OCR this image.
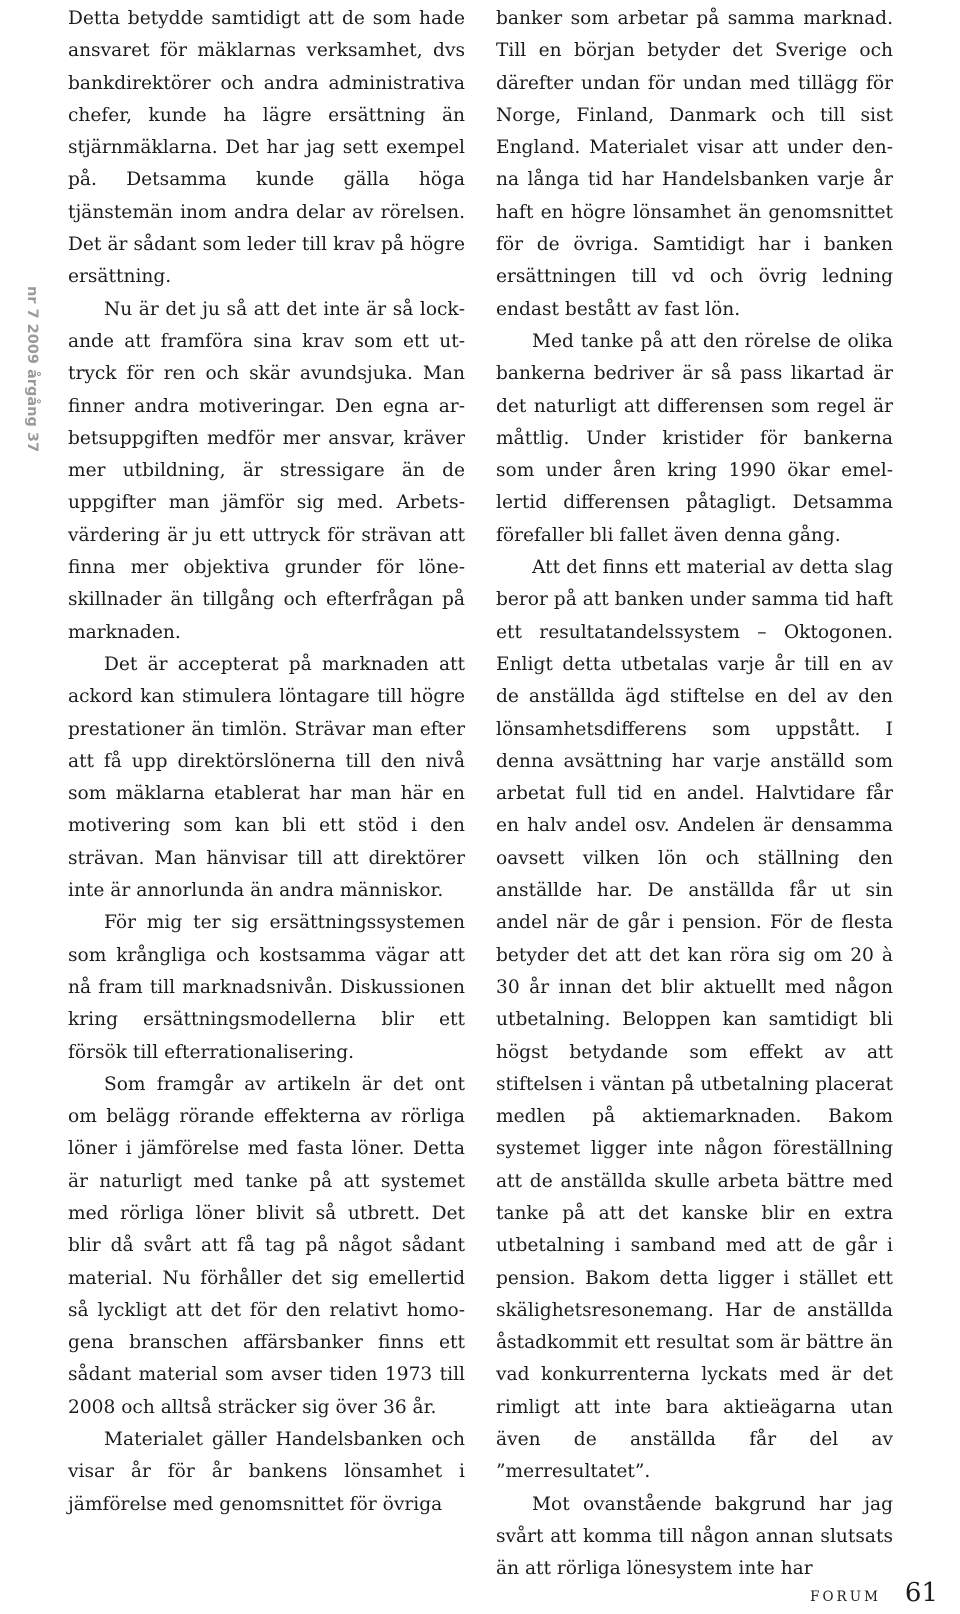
nr 7 2009 årgång 37

Detta betydde samtidigt att de som hade ansvaret för mäklarnas verksamhet, dvs bankdirektörer och andra administrativa chefer, kunde ha lägre ersättning än stjärnmäklarna. Det har jag sett exempel på. Detsamma kunde gälla höga tjänstemän inom andra delar av rörelsen. Det är sådant som leder till krav på högre ersättning.

Nu är det ju så att det inte är så lockande att framföra sina krav som ett uttryck för ren och skär avundsjuka. Man finner andra motiveringar. Den egna arbetsuppgiften medför mer ansvar, kräver mer utbildning, är stressigare än de uppgifter man jämför sig med. Arbetsvärdering är ju ett uttryck för strävan att finna mer objektiva grunder för löneskillnader än tillgång och efterfrågan på marknaden.

Det är accepterat på marknaden att ackord kan stimulera löntagare till högre prestationer än timlön. Strävar man efter att få upp direktörslönerna till den nivå som mäklarna etablerat har man här en motivering som kan bli ett stöd i den strävan. Man hänvisar till att direktörer inte är annorlunda än andra människor.

För mig ter sig ersättningssystemen som krångliga och kostsamma vägar att nå fram till marknadsnivån. Diskussionen kring ersättningsmodellerna blir ett försök till efterrationalisering.

Som framgår av artikeln är det ont om belägg rörande effekterna av rörliga löner i jämförelse med fasta löner. Detta är naturligt med tanke på att systemet med rörliga löner blivit så utbrett. Det blir då svårt att få tag på något sådant material. Nu förhåller det sig emellertid så lyckligt att det för den relativt homogena branschen affärsbanker finns ett sådant material som avser tiden 1973 till 2008 och alltså sträcker sig över 36 år.

Materialet gäller Handelsbanken och visar år för år bankens lönsamhet i jämförelse med genomsnittet för övriga

banker som arbetar på samma marknad. Till en början betyder det Sverige och därefter undan för undan med tillägg för Norge, Finland, Danmark och till sist England. Materialet visar att under denna långa tid har Handelsbanken varje år haft en högre lönsamhet än genomsnittet för de övriga. Samtidigt har i banken ersättningen till vd och övrig ledning endast bestått av fast lön.

Med tanke på att den rörelse de olika bankerna bedriver är så pass likartad är det naturligt att differensen som regel är måttlig. Under kristider för bankerna som under åren kring 1990 ökar emellertid differensen påtagligt. Detsamma förefaller bli fallet även denna gång.

Att det finns ett material av detta slag beror på att banken under samma tid haft ett resultatandelssystem – Oktogonen. Enligt detta utbetalas varje år till en av de anställda ägd stiftelse en del av den lönsamhetsdifferens som uppstått. I denna avsättning har varje anställd som arbetat full tid en andel. Halvtidare får en halv andel osv. Andelen är densamma oavsett vilken lön och ställning den anställde har. De anställda får ut sin andel när de går i pension. För de flesta betyder det att det kan röra sig om 20 à 30 år innan det blir aktuellt med någon utbetalning. Beloppen kan samtidigt bli högst betydande som effekt av att stiftelsen i väntan på utbetalning placerat medlen på aktiemarknaden. Bakom systemet ligger inte någon föreställning att de anställda skulle arbeta bättre med tanke på att det kanske blir en extra utbetalning i samband med att de går i pension. Bakom detta ligger i stället ett skälighetsresonemang. Har de anställda åstadkommit ett resultat som är bättre än vad konkurrenterna lyckats med är det rimligt att inte bara aktieägarna utan även de anställda får del av ”merresultatet”.

Mot ovanstående bakgrund har jag svårt att komma till någon annan slutsats än att rörliga lönesystem inte har

FORUM 61
